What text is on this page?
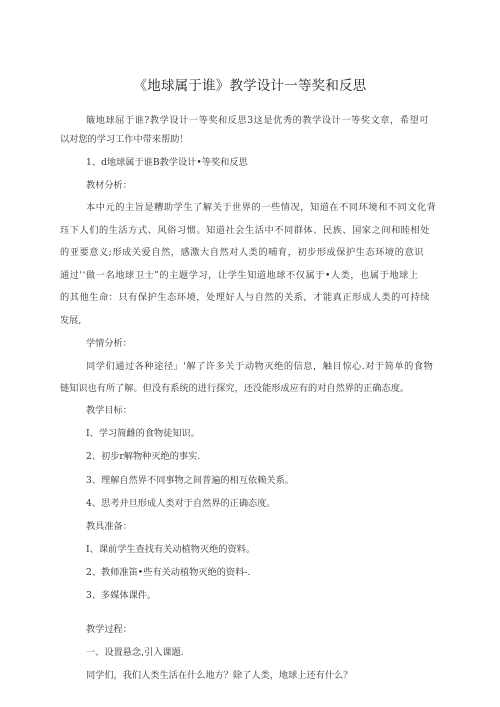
《地球属于谁》教学设计一等奖和反思
簸地球屈于谁?教学设计一等奖和反思3这是优秀的教学设计一等奖文章，希望可
以对您的学习工作中带来帮助！
1、d地球属于谁B教学设计•等奖和反思
教材分析：
本中元的主旨是糟助学生了解关于世界的一些情况，知道在不同环境和不同文化背
珏下人们的生活方式、风俗习惯。知道社会生活中不同群体、民族、国家之间和睦相处
的亚要意义;形成关爱自然，感激大自然对人类的哺育，初步形成保护生态环境的意识
通过'‘做一名地球卫士”的主题学习，让学生知道地球不仅属于•人类，也属于地球上
的其他生命：只有保护生态环境，处理好人与自然的关系，才能真正形成人类的可持续
发展,
学情分析：
同学们通过各种途径」'解了许多关于动物灭绝的信息，触目惊心.对于简单的食物
链知识也有所了解。但没有系统的进行探究，还没能形成应有的对自然界的正确态度。
教学目标：
I、学习简雌的食物徒知识。
2、初步r解物种灭绝的事实.
3、理解自然界不同事物之间普遍的相互依赖关系。
4、思考并旦形成人类对于自然界的正确态度。
教具准备：
I、课前学生查找有关动植物灭绝的资料。
2、教师准笛•些有关动植物灭绝的资料-.
3、多媒体课件。
教学过程：
一、设置悬念,引入课题.
同学们，我们人类生活在什么地方？除了人类，地球上还有什么？
